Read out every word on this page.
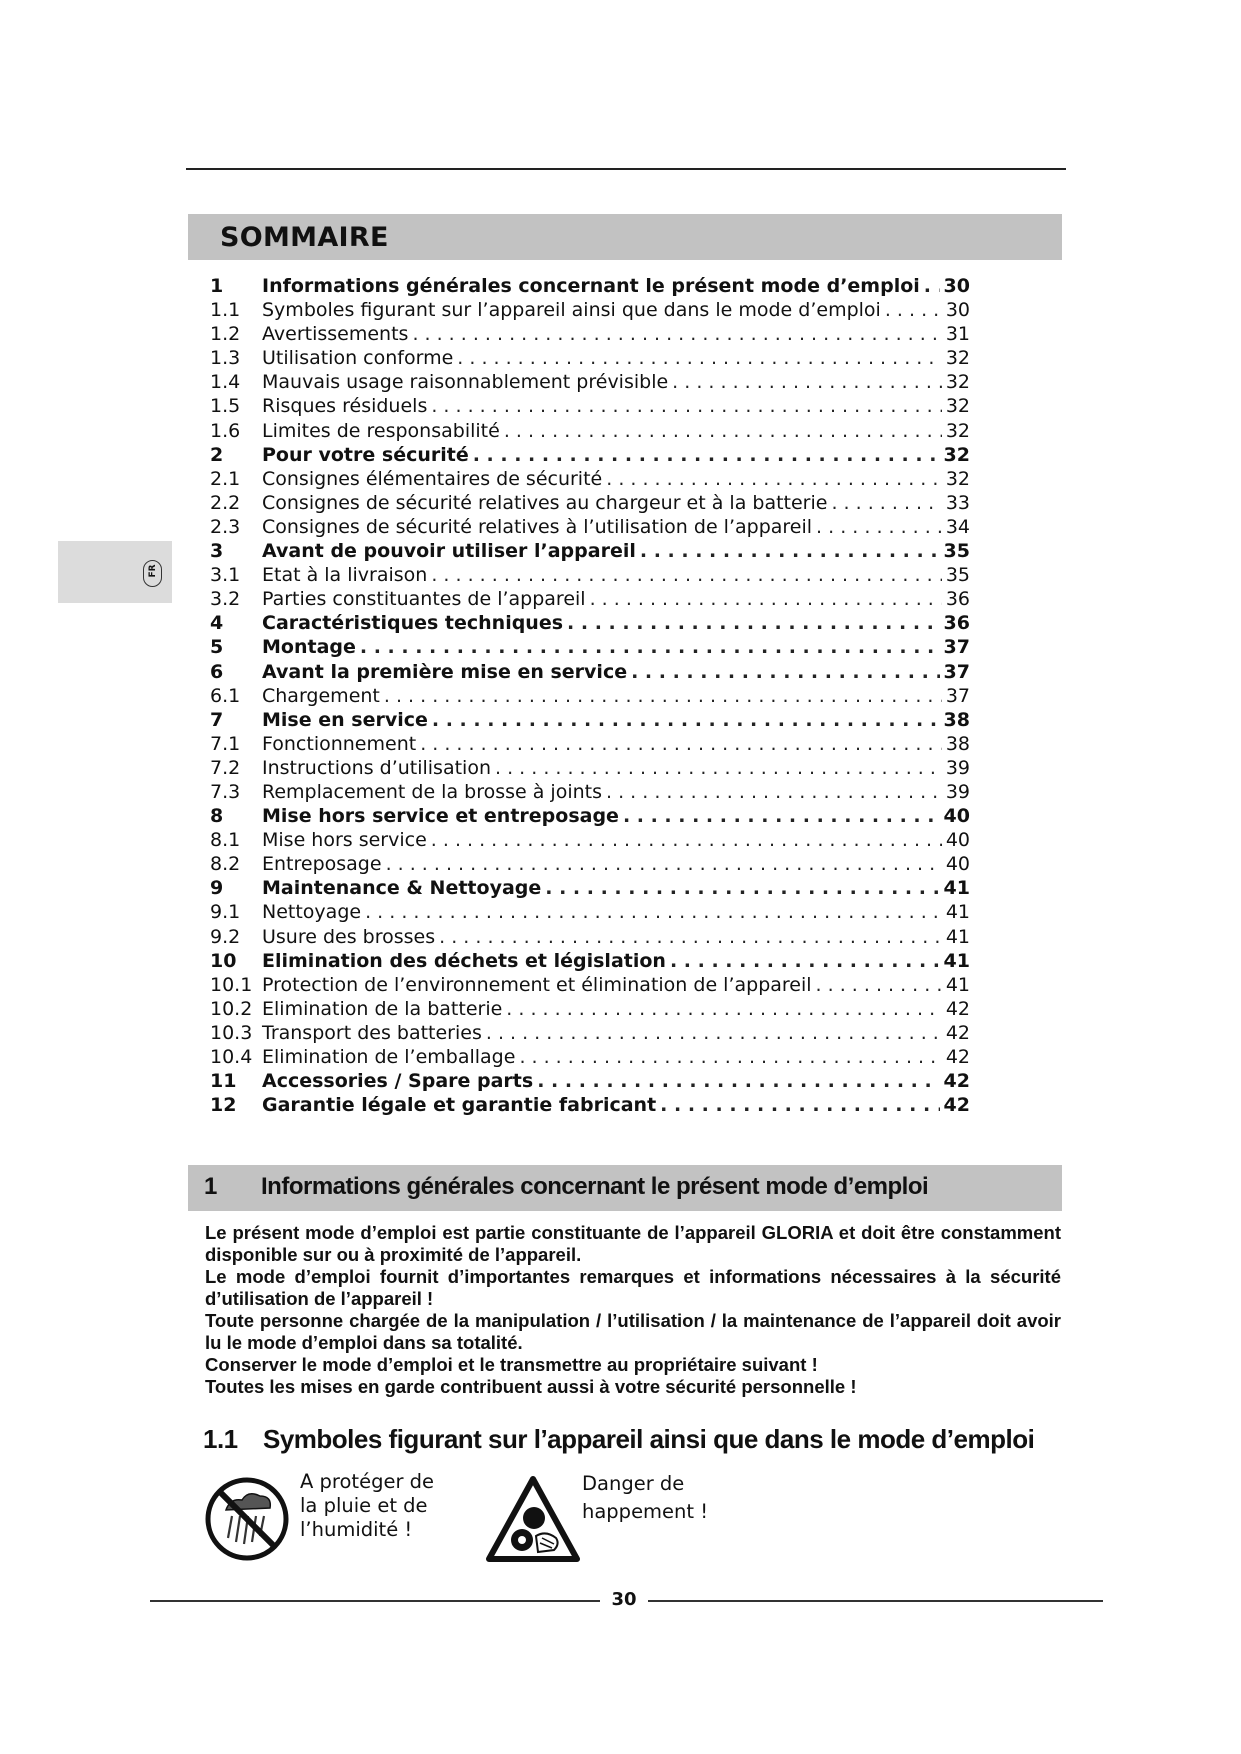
SOMMAIRE
FR
1	Informations générales concernant le présent mode d’emploi . . . 30
1.1	Symboles figurant sur l’appareil ainsi que dans le mode d’emploi . . .	30
1.2	Avertissements . . .	31
1.3	Utilisation conforme . . .	32
1.4	Mauvais usage raisonnablement prévisible . . .	32
1.5	Risques résiduels . . .	32
1.6	Limites de responsabilité . . .	32
2	Pour votre sécurité . . .	32
2.1	Consignes élémentaires de sécurité . . .	32
2.2	Consignes de sécurité relatives au chargeur et à la batterie . . .	33
2.3	Consignes de sécurité relatives à l’utilisation de l’appareil . . .	34
3	Avant de pouvoir utiliser l’appareil . . .	35
3.1	Etat à la livraison . . .	35
3.2	Parties constituantes de l’appareil . . .	36
4	Caractéristiques techniques . . .	36
5	Montage . . .	37
6	Avant la première mise en service . . .	37
6.1	Chargement . . .	37
7	Mise en service . . .	38
7.1	Fonctionnement . . .	38
7.2	Instructions d’utilisation . . .	39
7.3	Remplacement de la brosse à joints . . .	39
8	Mise hors service et entreposage . . .	40
8.1	Mise hors service . . .	40
8.2	Entreposage . . .	40
9	Maintenance & Nettoyage . . .	41
9.1	Nettoyage . . .	41
9.2	Usure des brosses . . .	41
10	Elimination des déchets et législation . . .	41
10.1 Protection de l’environnement et élimination de l’appareil . . .	41
10.2 Elimination de la batterie . . .	42
10.3 Transport des batteries . . .	42
10.4 Elimination de l’emballage . . .	42
11	Accessories / Spare parts . . .	42
12	Garantie légale et garantie fabricant . . .	42
1 Informations générales concernant le présent mode d’emploi

Le présent mode d’emploi est partie constituante de l’appareil GLORIA et doit être constamment disponible sur ou à proximité de l’appareil.

Le mode d’emploi fournit d’importantes remarques et informations nécessaires à la sécurité d’utilisation de l’appareil !

Toute personne chargée de la manipulation / l’utilisation / la maintenance de l’appareil doit avoir lu le mode d’emploi dans sa totalité.

Conserver le mode d’emploi et le transmettre au propriétaire suivant !

Toutes les mises en garde contribuent aussi à votre sécurité personnelle !

1.1 Symboles figurant sur l’appareil ainsi que dans le mode d’emploi
A protéger de
la pluie et de
l’humidité !
Danger de
happement !
30
